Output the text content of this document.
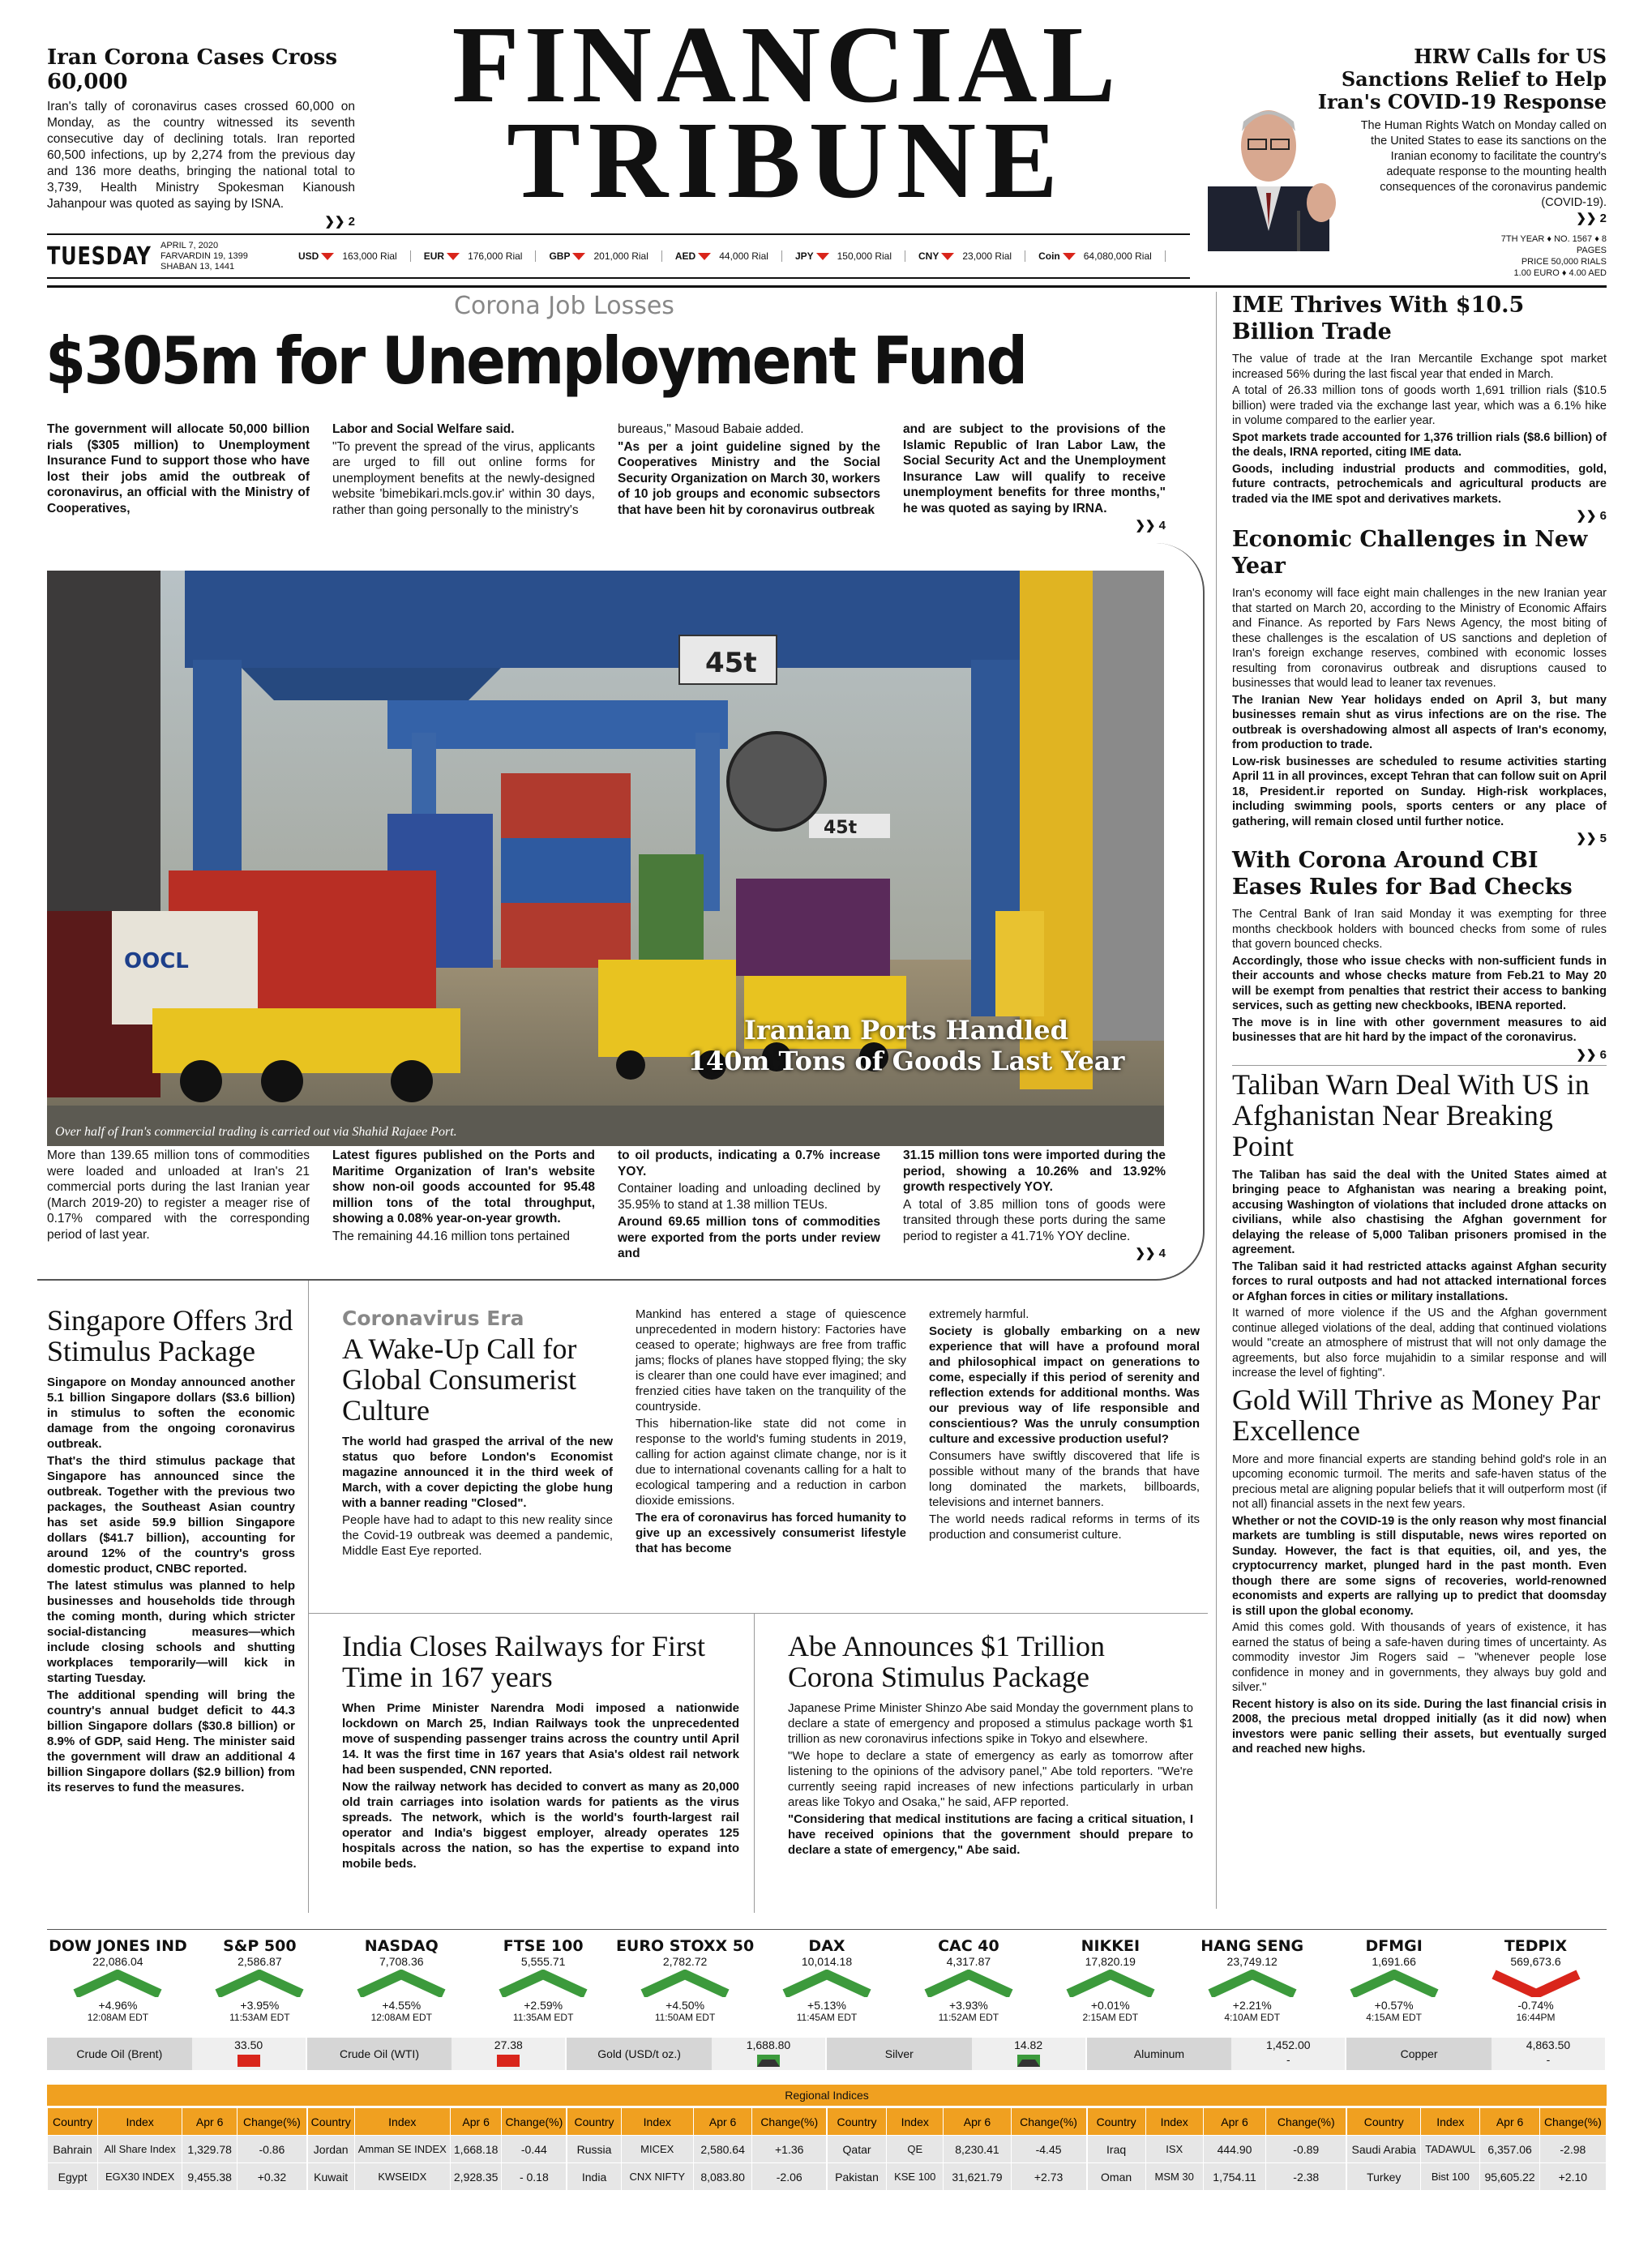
Iran Corona Cases Cross 60,000

Iran's tally of coronavirus cases crossed 60,000 on Monday, as the country witnessed its seventh consecutive day of declining totals. Iran reported 60,500 infections, up by 2,274 from the previous day and 136 more deaths, bringing the national total to 3,739, Health Ministry Spokesman Kianoush Jahanpour was quoted as saying by ISNA.

❯❯ 2
FINANCIAL
TRIBUNE
HRW Calls for US Sanctions Relief to Help Iran's COVID-19 Response

The Human Rights Watch on Monday called on the United States to ease its sanctions on the Iranian economy to facilitate the country's adequate response to the mounting health consequences of the coronavirus pandemic (COVID-19).

❯❯ 2
TUESDAY APRIL 7, 2020
FARVARDIN 19, 1399
SHABAN 13, 1441
USD 163,000 Rial	EUR 176,000 Rial	GBP 201,000 Rial	AED 44,000 Rial	JPY 150,000 Rial	CNY 23,000 Rial	Coin 64,080,000 Rial
7TH YEAR ♦ NO. 1567 ♦ 8 PAGES
PRICE 50,000 RIALS
1.00 EURO ♦ 4.00 AED
Corona Job Losses
$305m for Unemployment Fund

The government will allocate 50,000 billion rials ($305 million) to Unemployment Insurance Fund to support those who have lost their jobs amid the outbreak of coronavirus, an official with the Ministry of Cooperatives,

Labor and Social Welfare said.

"To prevent the spread of the virus, applicants are urged to fill out online forms for unemployment benefits at the newly-designed website 'bimebikari.mcls.gov.ir' within 30 days, rather than going personally to the ministry's

bureaus," Masoud Babaie added.

"As per a joint guideline signed by the Cooperatives Ministry and the Social Security Organization on March 30, workers of 10 job groups and economic subsectors that have been hit by coronavirus outbreak

and are subject to the provisions of the Islamic Republic of Iran Labor Law, the Social Security Act and the Unemployment Insurance Law will qualify to receive unemployment benefits for three months," he was quoted as saying by IRNA.

❯❯ 4
45t
45t
OOCL
Iranian Ports Handled
140m Tons of Goods Last Year
Over half of Iran's commercial trading is carried out via Shahid Rajaee Port.

More than 139.65 million tons of commodities were loaded and unloaded at Iran's 21 commercial ports during the last Iranian year (March 2019-20) to register a meager rise of 0.17% compared with the corresponding period of last year.

Latest figures published on the Ports and Maritime Organization of Iran's website show non-oil goods accounted for 95.48 million tons of the total throughput, showing a 0.08% year-on-year growth.

The remaining 44.16 million tons pertained

to oil products, indicating a 0.7% increase YOY.

Container loading and unloading declined by 35.95% to stand at 1.38 million TEUs.

Around 69.65 million tons of commodities were exported from the ports under review and

31.15 million tons were imported during the period, showing a 10.26% and 13.92% growth respectively YOY.

A total of 3.85 million tons of goods were transited through these ports during the same period to register a 41.71% YOY decline.

❯❯ 4
IME Thrives With $10.5 Billion Trade

The value of trade at the Iran Mercantile Exchange spot market increased 56% during the last fiscal year that ended in March.

A total of 26.33 million tons of goods worth 1,691 trillion rials ($10.5 billion) were traded via the exchange last year, which was a 6.1% hike in volume compared to the earlier year.

Spot markets trade accounted for 1,376 trillion rials ($8.6 billion) of the deals, IRNA reported, citing IME data.

Goods, including industrial products and commodities, gold, future contracts, petrochemicals and agricultural products are traded via the IME spot and derivatives markets.

❯❯ 6
Economic Challenges in New Year

Iran's economy will face eight main challenges in the new Iranian year that started on March 20, according to the Ministry of Economic Affairs and Finance. As reported by Fars News Agency, the most biting of these challenges is the escalation of US sanctions and depletion of Iran's foreign exchange reserves, combined with economic losses resulting from coronavirus outbreak and disruptions caused to businesses that would lead to leaner tax revenues.

The Iranian New Year holidays ended on April 3, but many businesses remain shut as virus infections are on the rise. The outbreak is overshadowing almost all aspects of Iran's economy, from production to trade.

Low-risk businesses are scheduled to resume activities starting April 11 in all provinces, except Tehran that can follow suit on April 18, President.ir reported on Sunday. High-risk workplaces, including swimming pools, sports centers or any place of gathering, will remain closed until further notice.

❯❯ 5
With Corona Around CBI Eases Rules for Bad Checks

The Central Bank of Iran said Monday it was exempting for three months checkbook holders with bounced checks from some of rules that govern bounced checks.

Accordingly, those who issue checks with non-sufficient funds in their accounts and whose checks mature from Feb.21 to May 20 will be exempt from penalties that restrict their access to banking services, such as getting new checkbooks, IBENA reported.

The move is in line with other government measures to aid businesses that are hit hard by the impact of the coronavirus.

❯❯ 6
Taliban Warn Deal With US in Afghanistan Near Breaking Point

The Taliban has said the deal with the United States aimed at bringing peace to Afghanistan was nearing a breaking point, accusing Washington of violations that included drone attacks on civilians, while also chastising the Afghan government for delaying the release of 5,000 Taliban prisoners promised in the agreement.

The Taliban said it had restricted attacks against Afghan security forces to rural outposts and had not attacked international forces or Afghan forces in cities or military installations.

It warned of more violence if the US and the Afghan government continue alleged violations of the deal, adding that continued violations would "create an atmosphere of mistrust that will not only damage the agreements, but also force mujahidin to a similar response and will increase the level of fighting".

Gold Will Thrive as Money Par Excellence

More and more financial experts are standing behind gold's role in an upcoming economic turmoil. The merits and safe-haven status of the precious metal are aligning popular beliefs that it will outperform most (if not all) financial assets in the next few years.

Whether or not the COVID-19 is the only reason why most financial markets are tumbling is still disputable, news wires reported on Sunday. However, the fact is that equities, oil, and yes, the cryptocurrency market, plunged hard in the past month. Even though there are some signs of recoveries, world-renowned economists and experts are rallying up to predict that doomsday is still upon the global economy.

Amid this comes gold. With thousands of years of existence, it has earned the status of being a safe-haven during times of uncertainty. As commodity investor Jim Rogers said – "whenever people lose confidence in money and in governments, they always buy gold and silver."

Recent history is also on its side. During the last financial crisis in 2008, the precious metal dropped initially (as it did now) when investors were panic selling their assets, but eventually surged and reached new highs.

Singapore Offers 3rd Stimulus Package

Singapore on Monday announced another 5.1 billion Singapore dollars ($3.6 billion) in stimulus to soften the economic damage from the ongoing coronavirus outbreak.

That's the third stimulus package that Singapore has announced since the outbreak. Together with the previous two packages, the Southeast Asian country has set aside 59.9 billion Singapore dollars ($41.7 billion), accounting for around 12% of the country's gross domestic product, CNBC reported.

The latest stimulus was planned to help businesses and households tide through the coming month, during which stricter social-distancing measures—which include closing schools and shutting workplaces temporarily—will kick in starting Tuesday.

The additional spending will bring the country's annual budget deficit to 44.3 billion Singapore dollars ($30.8 billion) or 8.9% of GDP, said Heng. The minister said the government will draw an additional 4 billion Singapore dollars ($2.9 billion) from its reserves to fund the measures.

Coronavirus Era
A Wake-Up Call for Global Consumerist Culture

The world had grasped the arrival of the new status quo before London's Economist magazine announced it in the third week of March, with a cover depicting the globe hung with a banner reading "Closed".

People have had to adapt to this new reality since the Covid-19 outbreak was deemed a pandemic, Middle East Eye reported.

Mankind has entered a stage of quiescence unprecedented in modern history: Factories have ceased to operate; highways are free from traffic jams; flocks of planes have stopped flying; the sky is clearer than one could have ever imagined; and frenzied cities have taken on the tranquility of the countryside.

This hibernation-like state did not come in response to the world's fuming students in 2019, calling for action against climate change, nor is it due to international covenants calling for a halt to ecological tampering and a reduction in carbon dioxide emissions.

The era of coronavirus has forced humanity to give up an excessively consumerist lifestyle that has become

extremely harmful.

Society is globally embarking on a new experience that will have a profound moral and philosophical impact on generations to come, especially if this period of serenity and reflection extends for additional months. Was our previous way of life responsible and conscientious? Was the unruly consumption culture and excessive production useful?

Consumers have swiftly discovered that life is possible without many of the brands that have long dominated the markets, billboards, televisions and internet banners.

The world needs radical reforms in terms of its production and consumerist culture.

India Closes Railways for First Time in 167 years

When Prime Minister Narendra Modi imposed a nationwide lockdown on March 25, Indian Railways took the unprecedented move of suspending passenger trains across the country until April 14. It was the first time in 167 years that Asia's oldest rail network had been suspended, CNN reported.

Now the railway network has decided to convert as many as 20,000 old train carriages into isolation wards for patients as the virus spreads. The network, which is the world's fourth-largest rail operator and India's biggest employer, already operates 125 hospitals across the nation, so has the expertise to expand into mobile beds.

Abe Announces $1 Trillion Corona Stimulus Package

Japanese Prime Minister Shinzo Abe said Monday the government plans to declare a state of emergency and proposed a stimulus package worth $1 trillion as new coronavirus infections spike in Tokyo and elsewhere.

"We hope to declare a state of emergency as early as tomorrow after listening to the opinions of the advisory panel," Abe told reporters. "We're currently seeing rapid increases of new infections particularly in urban areas like Tokyo and Osaka," he said, AFP reported.

"Considering that medical institutions are facing a critical situation, I have received opinions that the government should prepare to declare a state of emergency," Abe said.

DOW JONES IND
22,086.04
+4.96%
12:08AM EDT
S&P 500
2,586.87
+3.95%
11:53AM EDT
NASDAQ
7,708.36
+4.55%
12:08AM EDT
FTSE 100
5,555.71
+2.59%
11:35AM EDT
EURO STOXX 50
2,782.72
+4.50%
11:50AM EDT
DAX
10,014.18
+5.13%
11:45AM EDT
CAC 40
4,317.87
+3.93%
11:52AM EDT
NIKKEI
17,820.19
+0.01%
2:15AM EDT
HANG SENG
23,749.12
+2.21%
4:10AM EDT
DFMGI
1,691.66
+0.57%
4:15AM EDT
TEDPIX
569,673.6
-0.74%
16:44PM
Crude Oil (Brent)
33.50
Crude Oil (WTI)
27.38
Gold (USD/t oz.)
1,688.80
Silver
14.82
Aluminum
1,452.00
-	Copper
4,863.50
-
Regional Indices
Country	Index	Apr 6	Change(%)
Bahrain	All Share Index	1,329.78	-0.86
Egypt	EGX30 INDEX	9,455.38	+0.32
Country	Index	Apr 6	Change(%)
Jordan	Amman SE INDEX	1,668.18	-0.44
Kuwait	KWSEIDX	2,928.35	- 0.18
Country	Index	Apr 6	Change(%)
Russia	MICEX	2,580.64	+1.36
India	CNX NIFTY	8,083.80	-2.06
Country	Index	Apr 6	Change(%)
Qatar	QE	8,230.41	-4.45
Pakistan	KSE 100	31,621.79	+2.73
Country	Index	Apr 6	Change(%)
Iraq	ISX	444.90	-0.89
Oman	MSM 30	1,754.11	-2.38
Country	Index	Apr 6	Change(%)
Saudi Arabia	TADAWUL	6,357.06	-2.98
Turkey	Bist 100	95,605.22	+2.10
